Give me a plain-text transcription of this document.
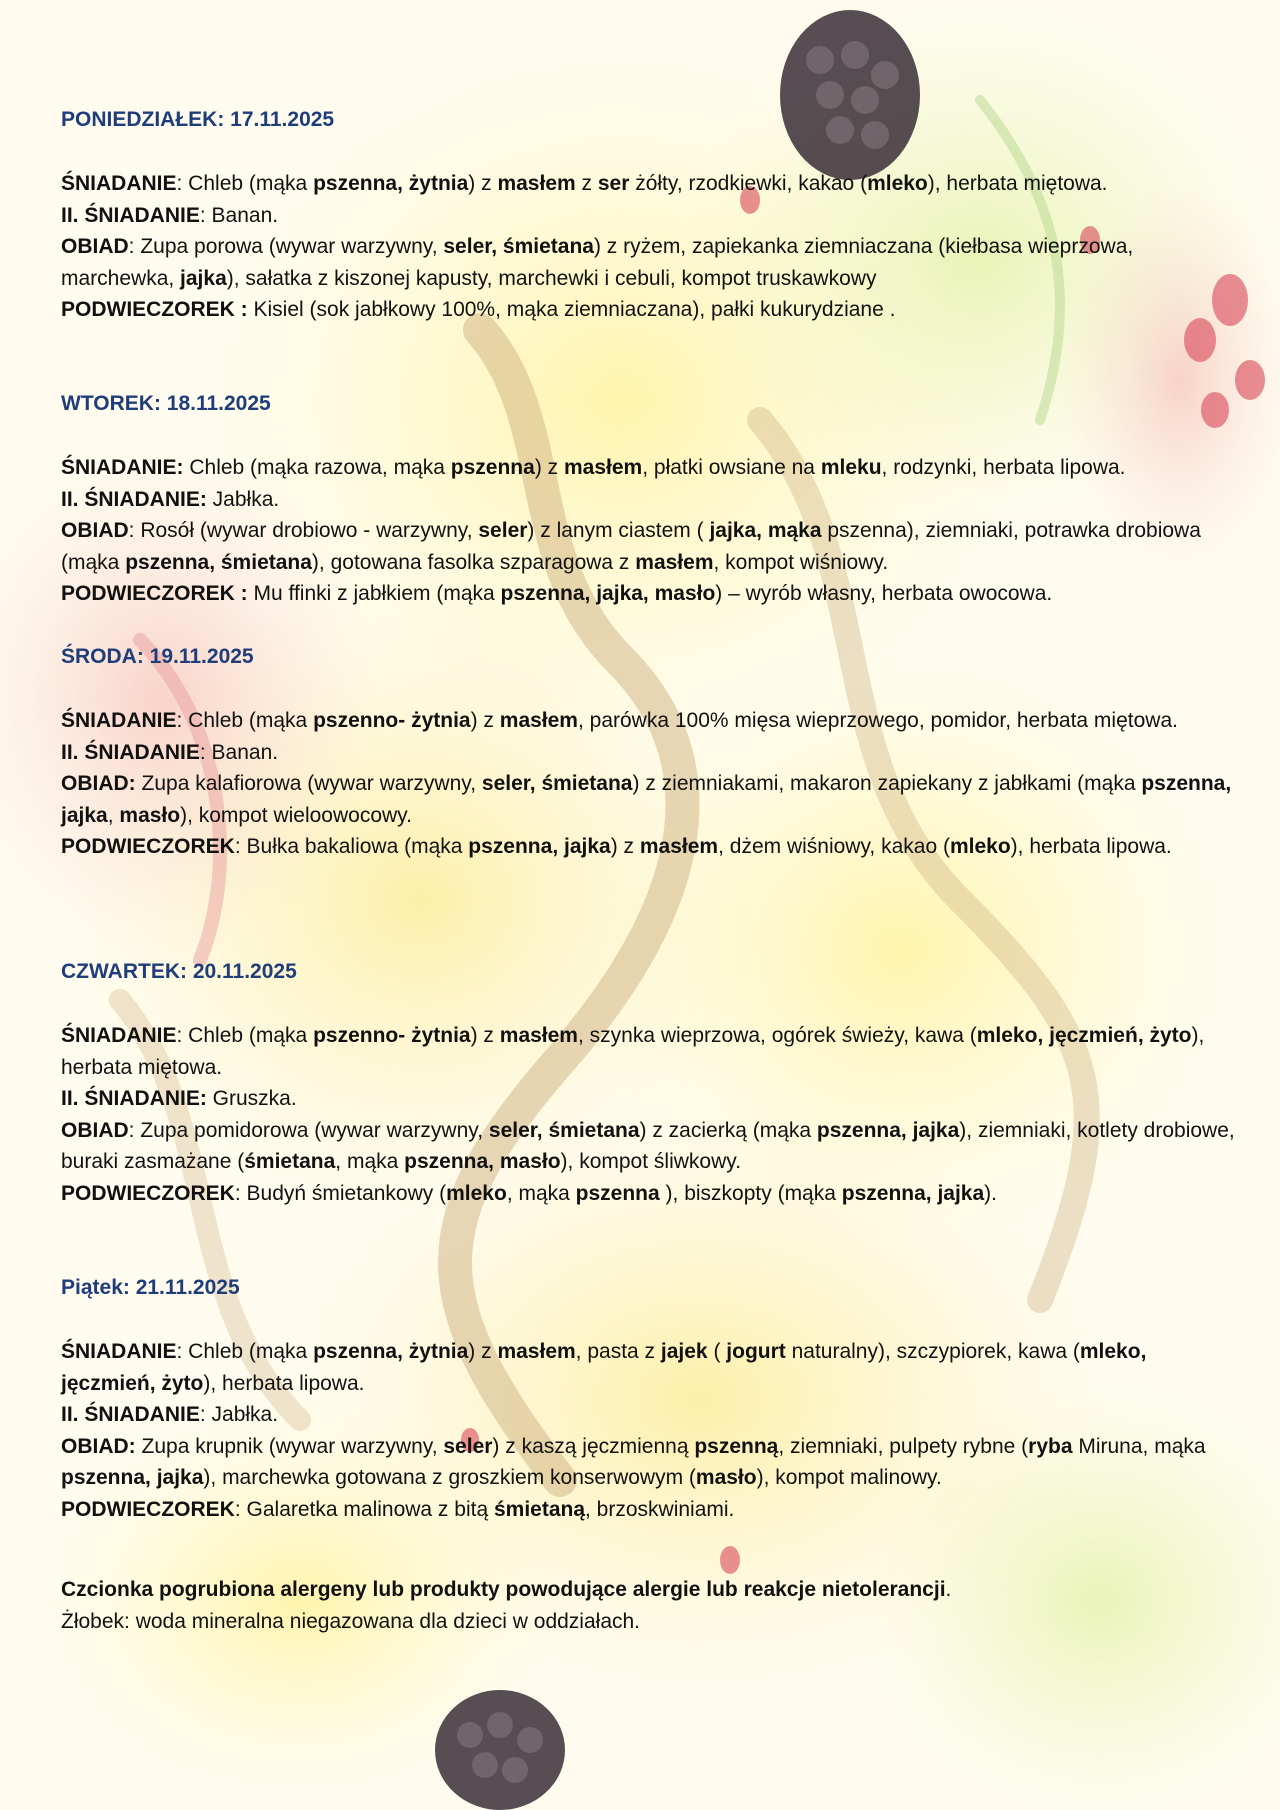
PONIEDZIAŁEK: 17.11.2025

ŚNIADANIE: Chleb (mąka pszenna, żytnia) z masłem z ser żółty, rzodkiewki, kakao (mleko), herbata miętowa.

II. ŚNIADANIE: Banan.

OBIAD: Zupa porowa (wywar warzywny, seler, śmietana) z ryżem, zapiekanka ziemniaczana (kiełbasa wieprzowa, marchewka, jajka), sałatka z kiszonej kapusty, marchewki i cebuli, kompot truskawkowy

PODWIECZOREK : Kisiel (sok jabłkowy 100%, mąka ziemniaczana), pałki kukurydziane .

WTOREK: 18.11.2025

ŚNIADANIE: Chleb (mąka razowa, mąka pszenna) z masłem, płatki owsiane na mleku, rodzynki, herbata lipowa.

II. ŚNIADANIE: Jabłka.

OBIAD: Rosół (wywar drobiowo - warzywny, seler) z lanym ciastem ( jajka, mąka pszenna), ziemniaki, potrawka drobiowa (mąka pszenna, śmietana), gotowana fasolka szparagowa z masłem, kompot wiśniowy.

PODWIECZOREK : Mu ffinki z jabłkiem (mąka pszenna, jajka, masło) – wyrób własny, herbata owocowa.

ŚRODA: 19.11.2025

ŚNIADANIE: Chleb (mąka pszenno- żytnia) z masłem, parówka 100% mięsa wieprzowego, pomidor, herbata miętowa.

II. ŚNIADANIE: Banan.

OBIAD: Zupa kalafiorowa (wywar warzywny, seler, śmietana) z ziemniakami, makaron zapiekany z jabłkami (mąka pszenna, jajka, masło), kompot wieloowocowy.

PODWIECZOREK: Bułka bakaliowa (mąka pszenna, jajka) z masłem, dżem wiśniowy, kakao (mleko), herbata lipowa.

CZWARTEK: 20.11.2025

ŚNIADANIE: Chleb (mąka pszenno- żytnia) z masłem, szynka wieprzowa, ogórek świeży, kawa (mleko, jęczmień, żyto), herbata miętowa.

II. ŚNIADANIE: Gruszka.

OBIAD: Zupa pomidorowa (wywar warzywny, seler, śmietana) z zacierką (mąka pszenna, jajka), ziemniaki, kotlety drobiowe, buraki zasmażane (śmietana, mąka pszenna, masło), kompot śliwkowy.

PODWIECZOREK: Budyń śmietankowy (mleko, mąka pszenna ), biszkopty (mąka pszenna, jajka).

Piątek: 21.11.2025

ŚNIADANIE: Chleb (mąka pszenna, żytnia) z masłem, pasta z jajek ( jogurt naturalny), szczypiorek, kawa (mleko, jęczmień, żyto), herbata lipowa.

II. ŚNIADANIE: Jabłka.

OBIAD: Zupa krupnik (wywar warzywny, seler) z kaszą jęczmienną pszenną, ziemniaki, pulpety rybne (ryba Miruna, mąka pszenna, jajka), marchewka gotowana z groszkiem konserwowym (masło), kompot malinowy.

PODWIECZOREK: Galaretka malinowa z bitą śmietaną, brzoskwiniami.

Czcionka pogrubiona alergeny lub produkty powodujące alergie lub reakcje nietolerancji.

Żłobek: woda mineralna niegazowana dla dzieci w oddziałach.
